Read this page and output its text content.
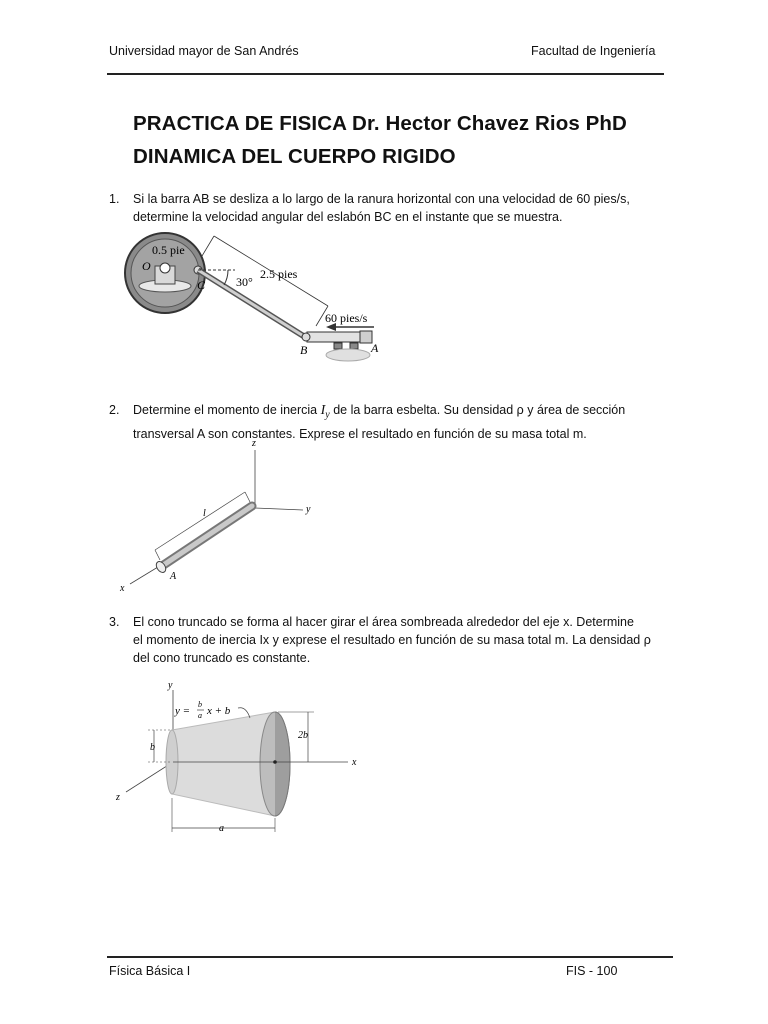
Universidad mayor de San Andrés	Facultad de Ingeniería
PRACTICA DE FISICA Dr. Hector Chavez Rios PhD
DINAMICA DEL CUERPO RIGIDO
1. Si la barra AB se desliza a lo largo de la ranura horizontal con una velocidad de 60 pies/s,
determine la velocidad angular del eslabón BC en el instante que se muestra.
0.5 pie
O
C	30°
2.5 pies
B	A
60 pies/s
2. Determine el momento de inercia $I_y$ de la barra esbelta. Su densidad ρ y área de sección
transversal A son constantes. Exprese el resultado en función de su masa total m.
z
y
x
A
l
3. El cono truncado se forma al hacer girar el área sombreada alrededor del eje x. Determine
el momento de inercia Ix y exprese el resultado en función de su masa total m. La densidad ρ
del cono truncado es constante.
y
z
x
y =
b
a x + b
b
2b
a
Física Básica I	FIS - 100
